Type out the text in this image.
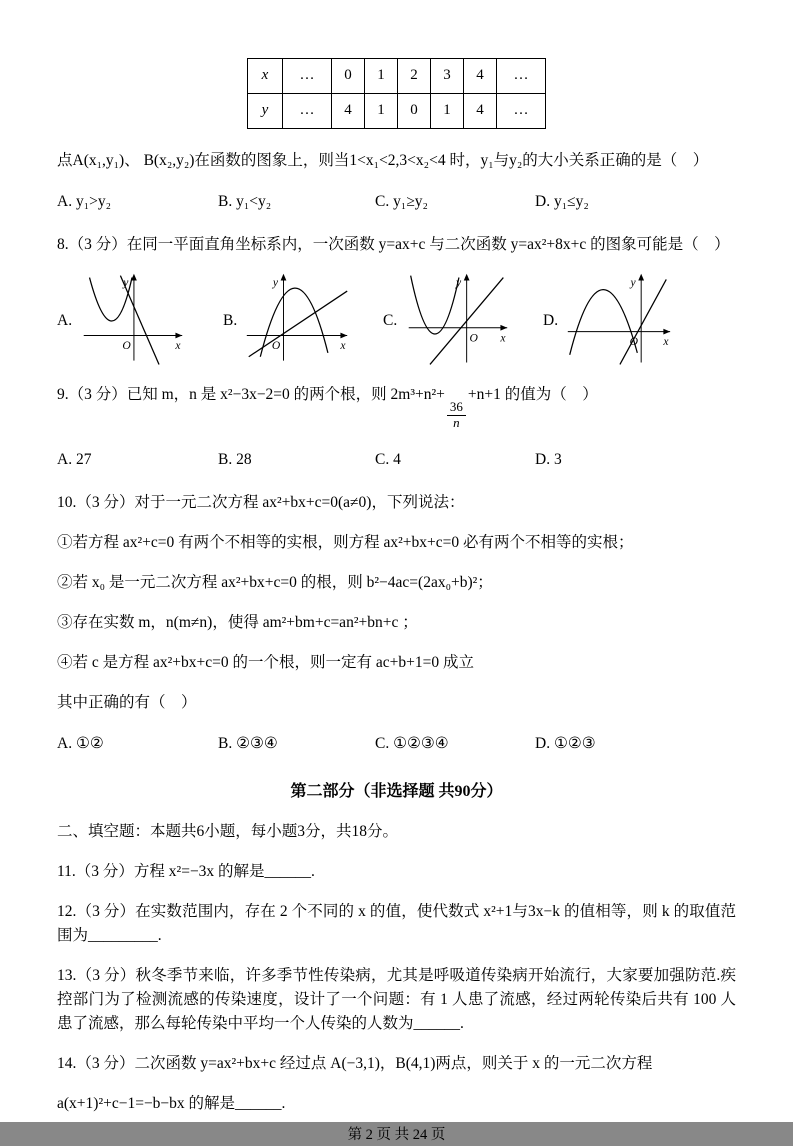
x	…	0	1	2	3	4	…
y	…	4	1	0	1	4	…

点A(x₁,y₁)、 B(x₂,y₂)在函数的图象上，则当1<x₁<2,3<x₂<4 时，y₁与y₂的大小关系正确的是（　）

A. y₁>y₂	B. y₁<y₂	C. y₁≥y₂	D. y₁≤y₂

8.（3 分）在同一平面直角坐标系内，一次函数 y=ax+c 与二次函数 y=ax²+8x+c 的图象可能是（　）

A.
y
x
O
B.
y
x
O
C.
y
x
O
D.
y
x
O

9.（3 分）已知 m，n 是 x²−3x−2=0 的两个根，则 2m³+n²+
$\frac{36}{n}$
+n+1 的值为（　）

A. 27	B. 28	C. 4	D. 3

10.（3 分）对于一元二次方程 ax²+bx+c=0(a≠0)，下列说法：

①若方程 ax²+c=0 有两个不相等的实根，则方程 ax²+bx+c=0 必有两个不相等的实根；

②若 x₀ 是一元二次方程 ax²+bx+c=0 的根，则 b²−4ac=(2ax₀+b)²；

③存在实数 m，n(m≠n)，使得 am²+bm+c=an²+bn+c ；

④若 c 是方程 ax²+bx+c=0 的一个根，则一定有 ac+b+1=0 成立

其中正确的有（　）

A. ①②	B. ②③④	C. ①②③④	D. ①②③

第二部分（非选择题 共90分）

二、填空题：本题共6小题，每小题3分，共18分。

11.（3 分）方程 x²=−3x 的解是______.

12.（3 分）在实数范围内，存在 2 个不同的 x 的值，使代数式 x²+1与3x−k 的值相等，则 k 的取值范围为_________.

13.（3 分）秋冬季节来临，许多季节性传染病，尤其是呼吸道传染病开始流行，大家要加强防范.疾控部门为了检测流感的传染速度，设计了一个问题：有 1 人患了流感，经过两轮传染后共有 100 人患了流感，那么每轮传染中平均一个人传染的人数为______.

14.（3 分）二次函数 y=ax²+bx+c 经过点 A(−3,1)，B(4,1)两点，则关于 x 的一元二次方程

a(x+1)²+c−1=−b−bx 的解是______.

第 2 页 共 24 页
